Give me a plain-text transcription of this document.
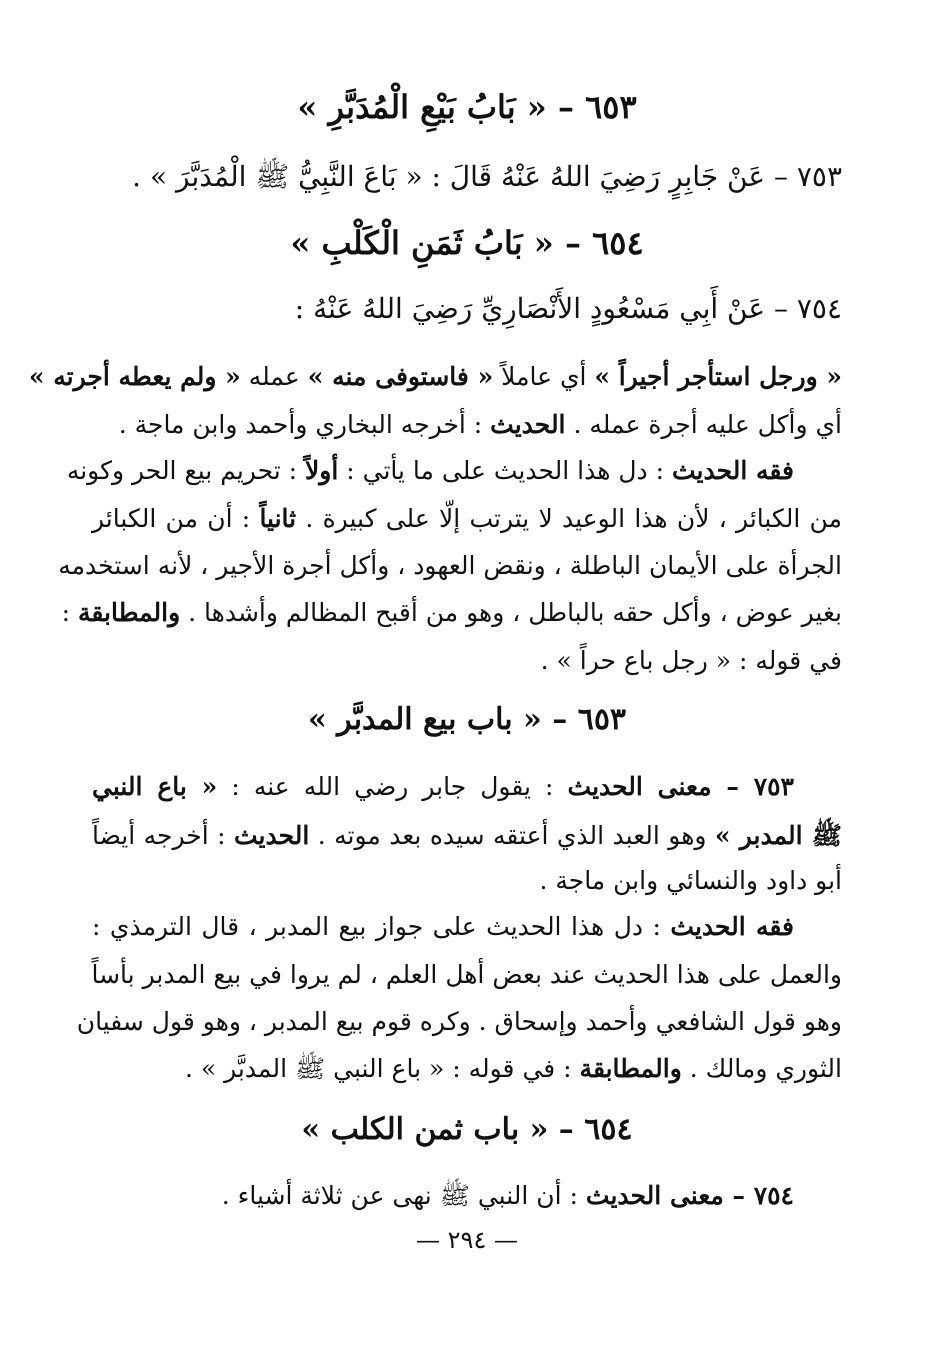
٦٥٣ – « بَابُ بَيْعِ الْمُدَبَّرِ »
٧٥٣ – عَنْ جَابِرٍ رَضِيَ اللهُ عَنْهُ قَالَ : « بَاعَ النَّبِيُّ ﷺ الْمُدَبَّرَ » .
٦٥٤ – « بَابُ ثَمَنِ الْكَلْبِ »
٧٥٤ – عَنْ أَبِي مَسْعُودٍ الأَنْصَارِيِّ رَضِيَ اللهُ عَنْهُ :
« ورجل استأجر أجيراً » أي عاملاً « فاستوفى منه » عمله « ولم يعطه أجرته »
أي وأكل عليه أجرة عمله . الحديث : أخرجه البخاري وأحمد وابن ماجة .
فقه الحديث : دل هذا الحديث على ما يأتي : أولاً : تحريم بيع الحر وكونه
من الكبائر ، لأن هذا الوعيد لا يترتب إلّا على كبيرة . ثانياً : أن من الكبائر
الجرأة على الأيمان الباطلة ، ونقض العهود ، وأكل أجرة الأجير ، لأنه استخدمه
بغير عوض ، وأكل حقه بالباطل ، وهو من أقبح المظالم وأشدها . والمطابقة :
في قوله : « رجل باع حراً » .
٦٥٣ – « باب بيع المدبَّر »
٧٥٣ – معنى الحديث : يقول جابر رضي الله عنه : « باع النبي
ﷺ المدبر » وهو العبد الذي أعتقه سيده بعد موته . الحديث : أخرجه أيضاً
أبو داود والنسائي وابن ماجة .
فقه الحديث : دل هذا الحديث على جواز بيع المدبر ، قال الترمذي :
والعمل على هذا الحديث عند بعض أهل العلم ، لم يروا في بيع المدبر بأساً
وهو قول الشافعي وأحمد وإسحاق . وكره قوم بيع المدبر ، وهو قول سفيان
الثوري ومالك . والمطابقة : في قوله : « باع النبي ﷺ المدبَّر » .
٦٥٤ – « باب ثمن الكلب »
٧٥٤ – معنى الحديث : أن النبي ﷺ نهى عن ثلاثة أشياء .
— ٢٩٤ —
